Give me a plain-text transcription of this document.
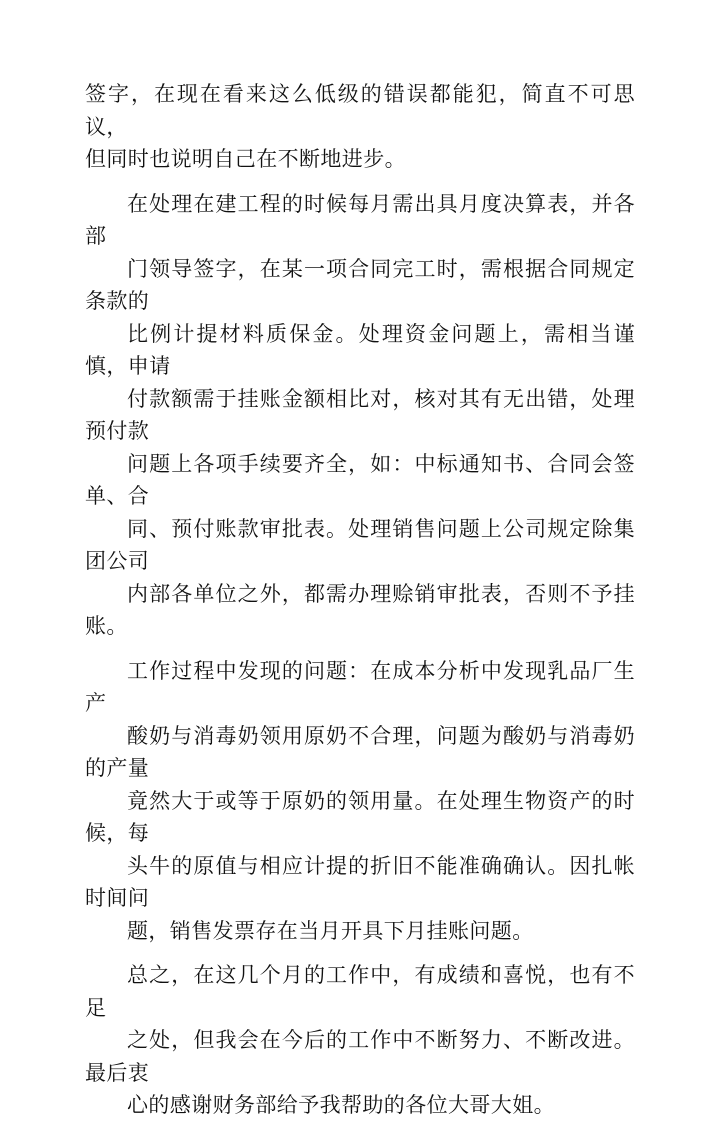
签字，在现在看来这么低级的错误都能犯，简直不可思议，
但同时也说明自己在不断地进步。

在处理在建工程的时候每月需出具月度决算表，并各部
门领导签字，在某一项合同完工时，需根据合同规定条款的
比例计提材料质保金。处理资金问题上，需相当谨慎，申请
付款额需于挂账金额相比对，核对其有无出错，处理预付款
问题上各项手续要齐全，如：中标通知书、合同会签单、合
同、预付账款审批表。处理销售问题上公司规定除集团公司
内部各单位之外，都需办理赊销审批表，否则不予挂账。

工作过程中发现的问题：在成本分析中发现乳品厂生产
酸奶与消毒奶领用原奶不合理，问题为酸奶与消毒奶的产量
竟然大于或等于原奶的领用量。在处理生物资产的时候，每
头牛的原值与相应计提的折旧不能准确确认。因扎帐时间问
题，销售发票存在当月开具下月挂账问题。

总之，在这几个月的工作中，有成绩和喜悦，也有不足
之处，但我会在今后的工作中不断努力、不断改进。最后衷
心的感谢财务部给予我帮助的各位大哥大姐。
